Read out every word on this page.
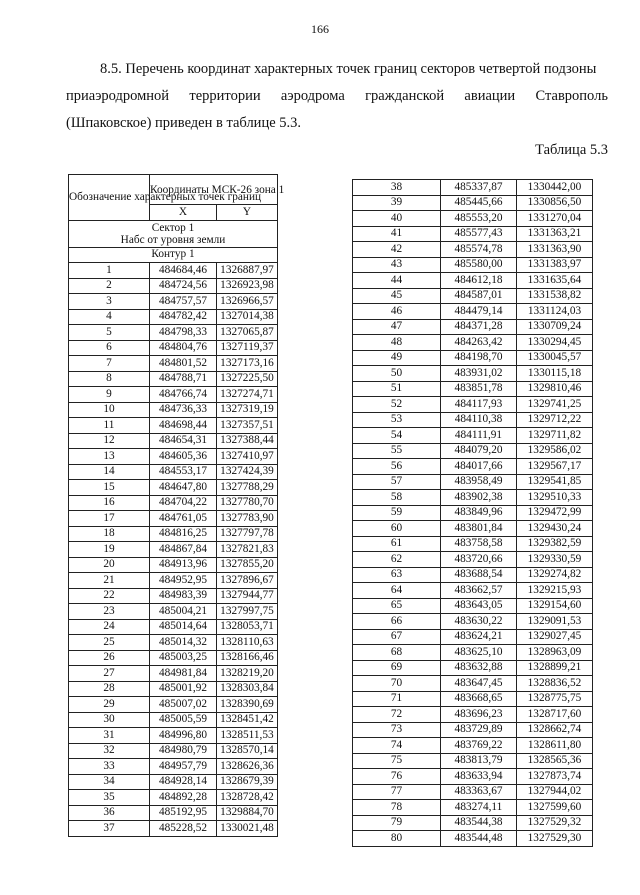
166
8.5. Перечень координат характерных точек границ секторов четвертой подзоны
приаэродромной территории аэродрома гражданской авиации Ставрополь
(Шпаковское) приведен в таблице 5.3.
Таблица 5.3
Обозначение характерных точек границ	Координаты МСК-26 зона 1	
	X	Y

Сектор 1
Набс от уровня земли		

Контур 1		
1	484684,46	1326887,97
2	484724,56	1326923,98
3	484757,57	1326966,57
4	484782,42	1327014,38
5	484798,33	1327065,87
6	484804,76	1327119,37
7	484801,52	1327173,16
8	484788,71	1327225,50
9	484766,74	1327274,71
10	484736,33	1327319,19
11	484698,44	1327357,51
12	484654,31	1327388,44
13	484605,36	1327410,97
14	484553,17	1327424,39
15	484647,80	1327788,29
16	484704,22	1327780,70
17	484761,05	1327783,90
18	484816,25	1327797,78
19	484867,84	1327821,83
20	484913,96	1327855,20
21	484952,95	1327896,67
22	484983,39	1327944,77
23	485004,21	1327997,75
24	485014,64	1328053,71
25	485014,32	1328110,63
26	485003,25	1328166,46
27	484981,84	1328219,20
28	485001,92	1328303,84
29	485007,02	1328390,69
30	485005,59	1328451,42
31	484996,80	1328511,53
32	484980,79	1328570,14
33	484957,79	1328626,36
34	484928,14	1328679,39
35	484892,28	1328728,42
36	485192,95	1329884,70
37	485228,52	1330021,48
38	485337,87	1330442,00
39	485445,66	1330856,50
40	485553,20	1331270,04
41	485577,43	1331363,21
42	485574,78	1331363,90
43	485580,00	1331383,97
44	484612,18	1331635,64
45	484587,01	1331538,82
46	484479,14	1331124,03
47	484371,28	1330709,24
48	484263,42	1330294,45
49	484198,70	1330045,57
50	483931,02	1330115,18
51	483851,78	1329810,46
52	484117,93	1329741,25
53	484110,38	1329712,22
54	484111,91	1329711,82
55	484079,20	1329586,02
56	484017,66	1329567,17
57	483958,49	1329541,85
58	483902,38	1329510,33
59	483849,96	1329472,99
60	483801,84	1329430,24
61	483758,58	1329382,59
62	483720,66	1329330,59
63	483688,54	1329274,82
64	483662,57	1329215,93
65	483643,05	1329154,60
66	483630,22	1329091,53
67	483624,21	1329027,45
68	483625,10	1328963,09
69	483632,88	1328899,21
70	483647,45	1328836,52
71	483668,65	1328775,75
72	483696,23	1328717,60
73	483729,89	1328662,74
74	483769,22	1328611,80
75	483813,79	1328565,36
76	483633,94	1327873,74
77	483363,67	1327944,02
78	483274,11	1327599,60
79	483544,38	1327529,32
80	483544,48	1327529,30
